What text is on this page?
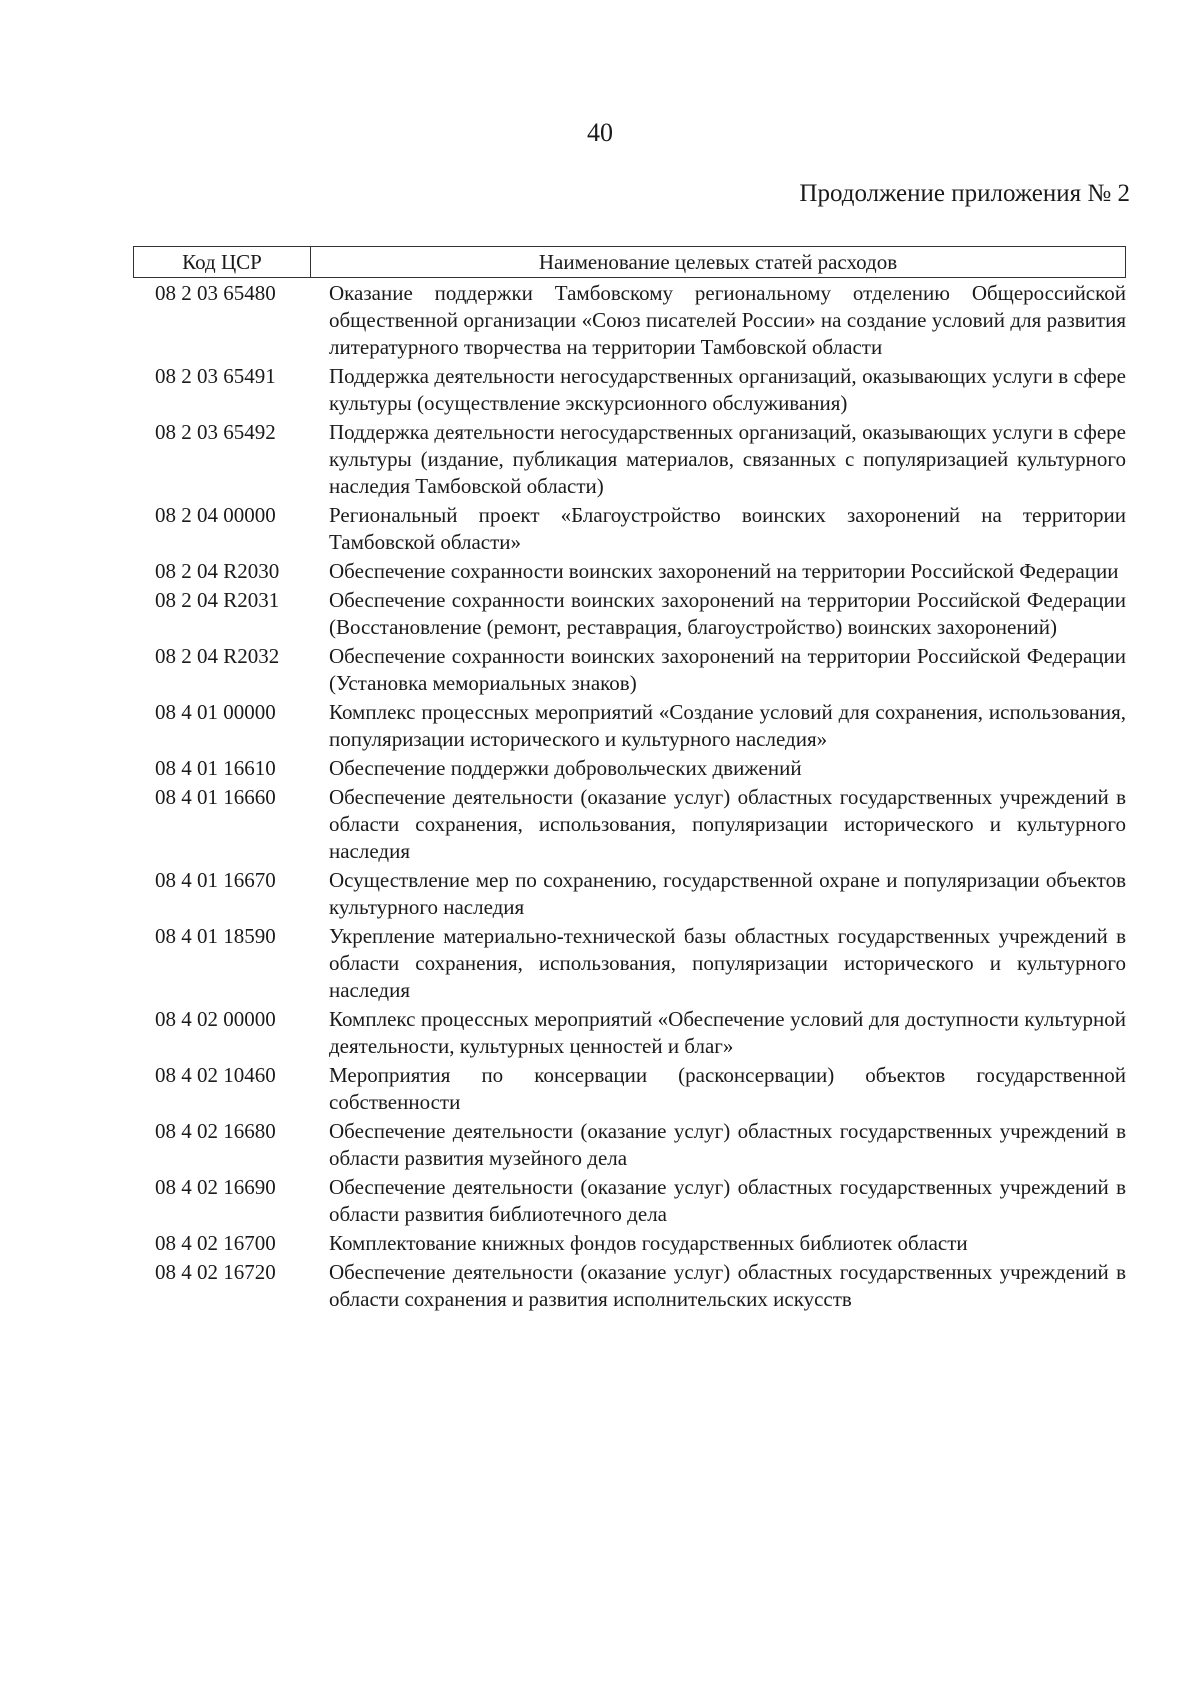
40
Продолжение приложения № 2
Код ЦСР	Наименование целевых статей расходов
08 2 03 65480	Оказание поддержки Тамбовскому региональному отделению Общероссийской общественной организации «Союз писателей России» на создание условий для развития литературного творчества на территории Тамбовской области
08 2 03 65491	Поддержка деятельности негосударственных организаций, оказывающих услуги в сфере культуры (осуществление экскурсионного обслуживания)
08 2 03 65492	Поддержка деятельности негосударственных организаций, оказывающих услуги в сфере культуры (издание, публикация материалов, связанных с популяризацией культурного наследия Тамбовской области)
08 2 04 00000	Региональный проект «Благоустройство воинских захоронений на территории Тамбовской области»
08 2 04 R2030	Обеспечение сохранности воинских захоронений на территории Российской Федерации
08 2 04 R2031	Обеспечение сохранности воинских захоронений на территории Российской Федерации (Восстановление (ремонт, реставрация, благоустройство) воинских захоронений)
08 2 04 R2032	Обеспечение сохранности воинских захоронений на территории Российской Федерации (Установка мемориальных знаков)
08 4 01 00000	Комплекс процессных мероприятий «Создание условий для сохранения, использования, популяризации исторического и культурного наследия»
08 4 01 16610	Обеспечение поддержки добровольческих движений
08 4 01 16660	Обеспечение деятельности (оказание услуг) областных государственных учреждений в области сохранения, использования, популяризации исторического и культурного наследия
08 4 01 16670	Осуществление мер по сохранению, государственной охране и популяризации объектов культурного наследия
08 4 01 18590	Укрепление материально-технической базы областных государственных учреждений в области сохранения, использования, популяризации исторического и культурного наследия
08 4 02 00000	Комплекс процессных мероприятий «Обеспечение условий для доступности культурной деятельности, культурных ценностей и благ»
08 4 02 10460	Мероприятия по консервации (расконсервации) объектов государственной собственности
08 4 02 16680	Обеспечение деятельности (оказание услуг) областных государственных учреждений в области развития музейного дела
08 4 02 16690	Обеспечение деятельности (оказание услуг) областных государственных учреждений в области развития библиотечного дела
08 4 02 16700	Комплектование книжных фондов государственных библиотек области
08 4 02 16720	Обеспечение деятельности (оказание услуг) областных государственных учреждений в области сохранения и развития исполнительских искусств
